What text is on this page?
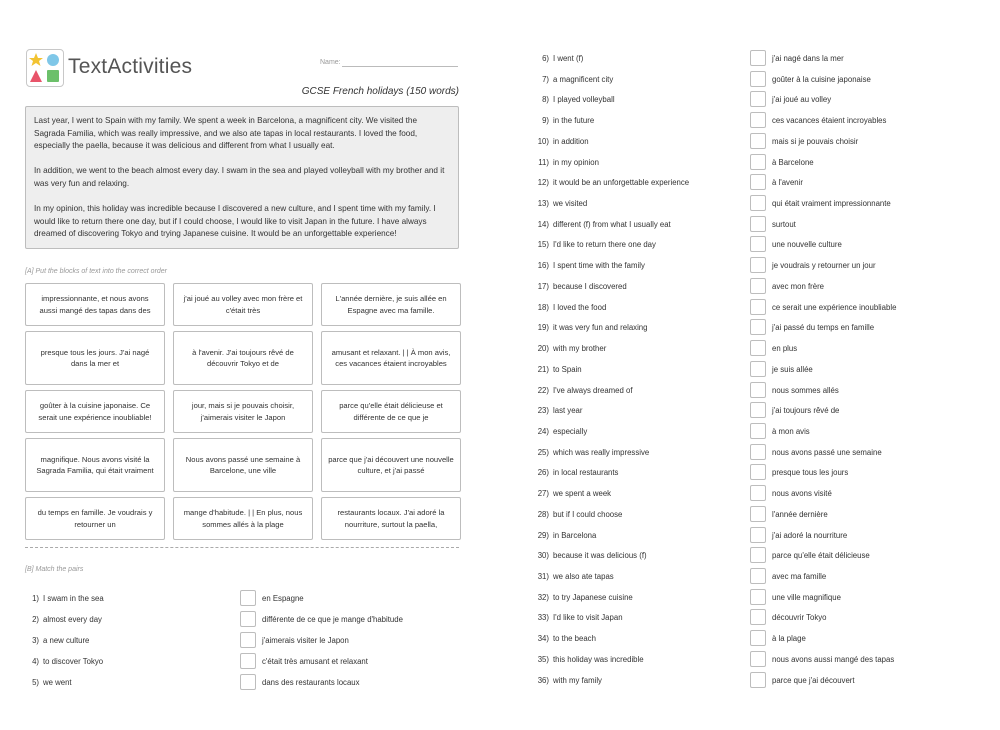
TextActivities	Name:
GCSE French holidays (150 words)

Last year, I went to Spain with my family. We spent a week in Barcelona, a magnificent city. We visited the Sagrada Familia, which was really impressive, and we also ate tapas in local restaurants. I loved the food, especially the paella, because it was delicious and different from what I usually eat.

In addition, we went to the beach almost every day. I swam in the sea and played volleyball with my brother and it was very fun and relaxing.

In my opinion, this holiday was incredible because I discovered a new culture, and I spent time with my family. I would like to return there one day, but if I could choose, I would like to visit Japan in the future. I have always dreamed of discovering Tokyo and trying Japanese cuisine. It would be an unforgettable experience!

[A] Put the blocks of text into the correct order
impressionnante, et nous avons aussi mangé des tapas dans des
j'ai joué au volley avec mon frère et c'était très
L'année dernière, je suis allée en Espagne avec ma famille.
presque tous les jours. J'ai nagé dans la mer et
à l'avenir. J'ai toujours rêvé de découvrir Tokyo et de
amusant et relaxant. | | À mon avis, ces vacances étaient incroyables
goûter à la cuisine japonaise. Ce serait une expérience inoubliable!
jour, mais si je pouvais choisir, j'aimerais visiter le Japon
parce qu'elle était délicieuse et différente de ce que je
magnifique. Nous avons visité la Sagrada Familia, qui était vraiment
Nous avons passé une semaine à Barcelone, une ville
parce que j'ai découvert une nouvelle culture, et j'ai passé
du temps en famille. Je voudrais y retourner un
mange d'habitude. | | En plus, nous sommes allés à la plage
restaurants locaux. J'ai adoré la nourriture, surtout la paella,
[B] Match the pairs
1) I swam in the sea	en Espagne
2) almost every day	différente de ce que je mange d'habitude
3) a new culture	j'aimerais visiter le Japon
4) to discover Tokyo	c'était très amusant et relaxant
5) we went	dans des restaurants locaux
6) I went (f)	j'ai nagé dans la mer
7) a magnificent city	goûter à la cuisine japonaise
8) I played volleyball	j'ai joué au volley
9) in the future	ces vacances étaient incroyables
10) in addition	mais si je pouvais choisir
11) in my opinion	à Barcelone
12) it would be an unforgettable experience	à l'avenir
13) we visited	qui était vraiment impressionnante
14) different (f) from what I usually eat	surtout
15) I'd like to return there one day	une nouvelle culture
16) I spent time with the family	je voudrais y retourner un jour
17) because I discovered	avec mon frère
18) I loved the food	ce serait une expérience inoubliable
19) it was very fun and relaxing	j'ai passé du temps en famille
20) with my brother	en plus
21) to Spain	je suis allée
22) I've always dreamed of	nous sommes allés
23) last year	j'ai toujours rêvé de
24) especially	à mon avis
25) which was really impressive	nous avons passé une semaine
26) in local restaurants	presque tous les jours
27) we spent a week	nous avons visité
28) but if I could choose	l'année dernière
29) in Barcelona	j'ai adoré la nourriture
30) because it was delicious (f)	parce qu'elle était délicieuse
31) we also ate tapas	avec ma famille
32) to try Japanese cuisine	une ville magnifique
33) I'd like to visit Japan	découvrir Tokyo
34) to the beach	à la plage
35) this holiday was incredible	nous avons aussi mangé des tapas
36) with my family	parce que j'ai découvert
